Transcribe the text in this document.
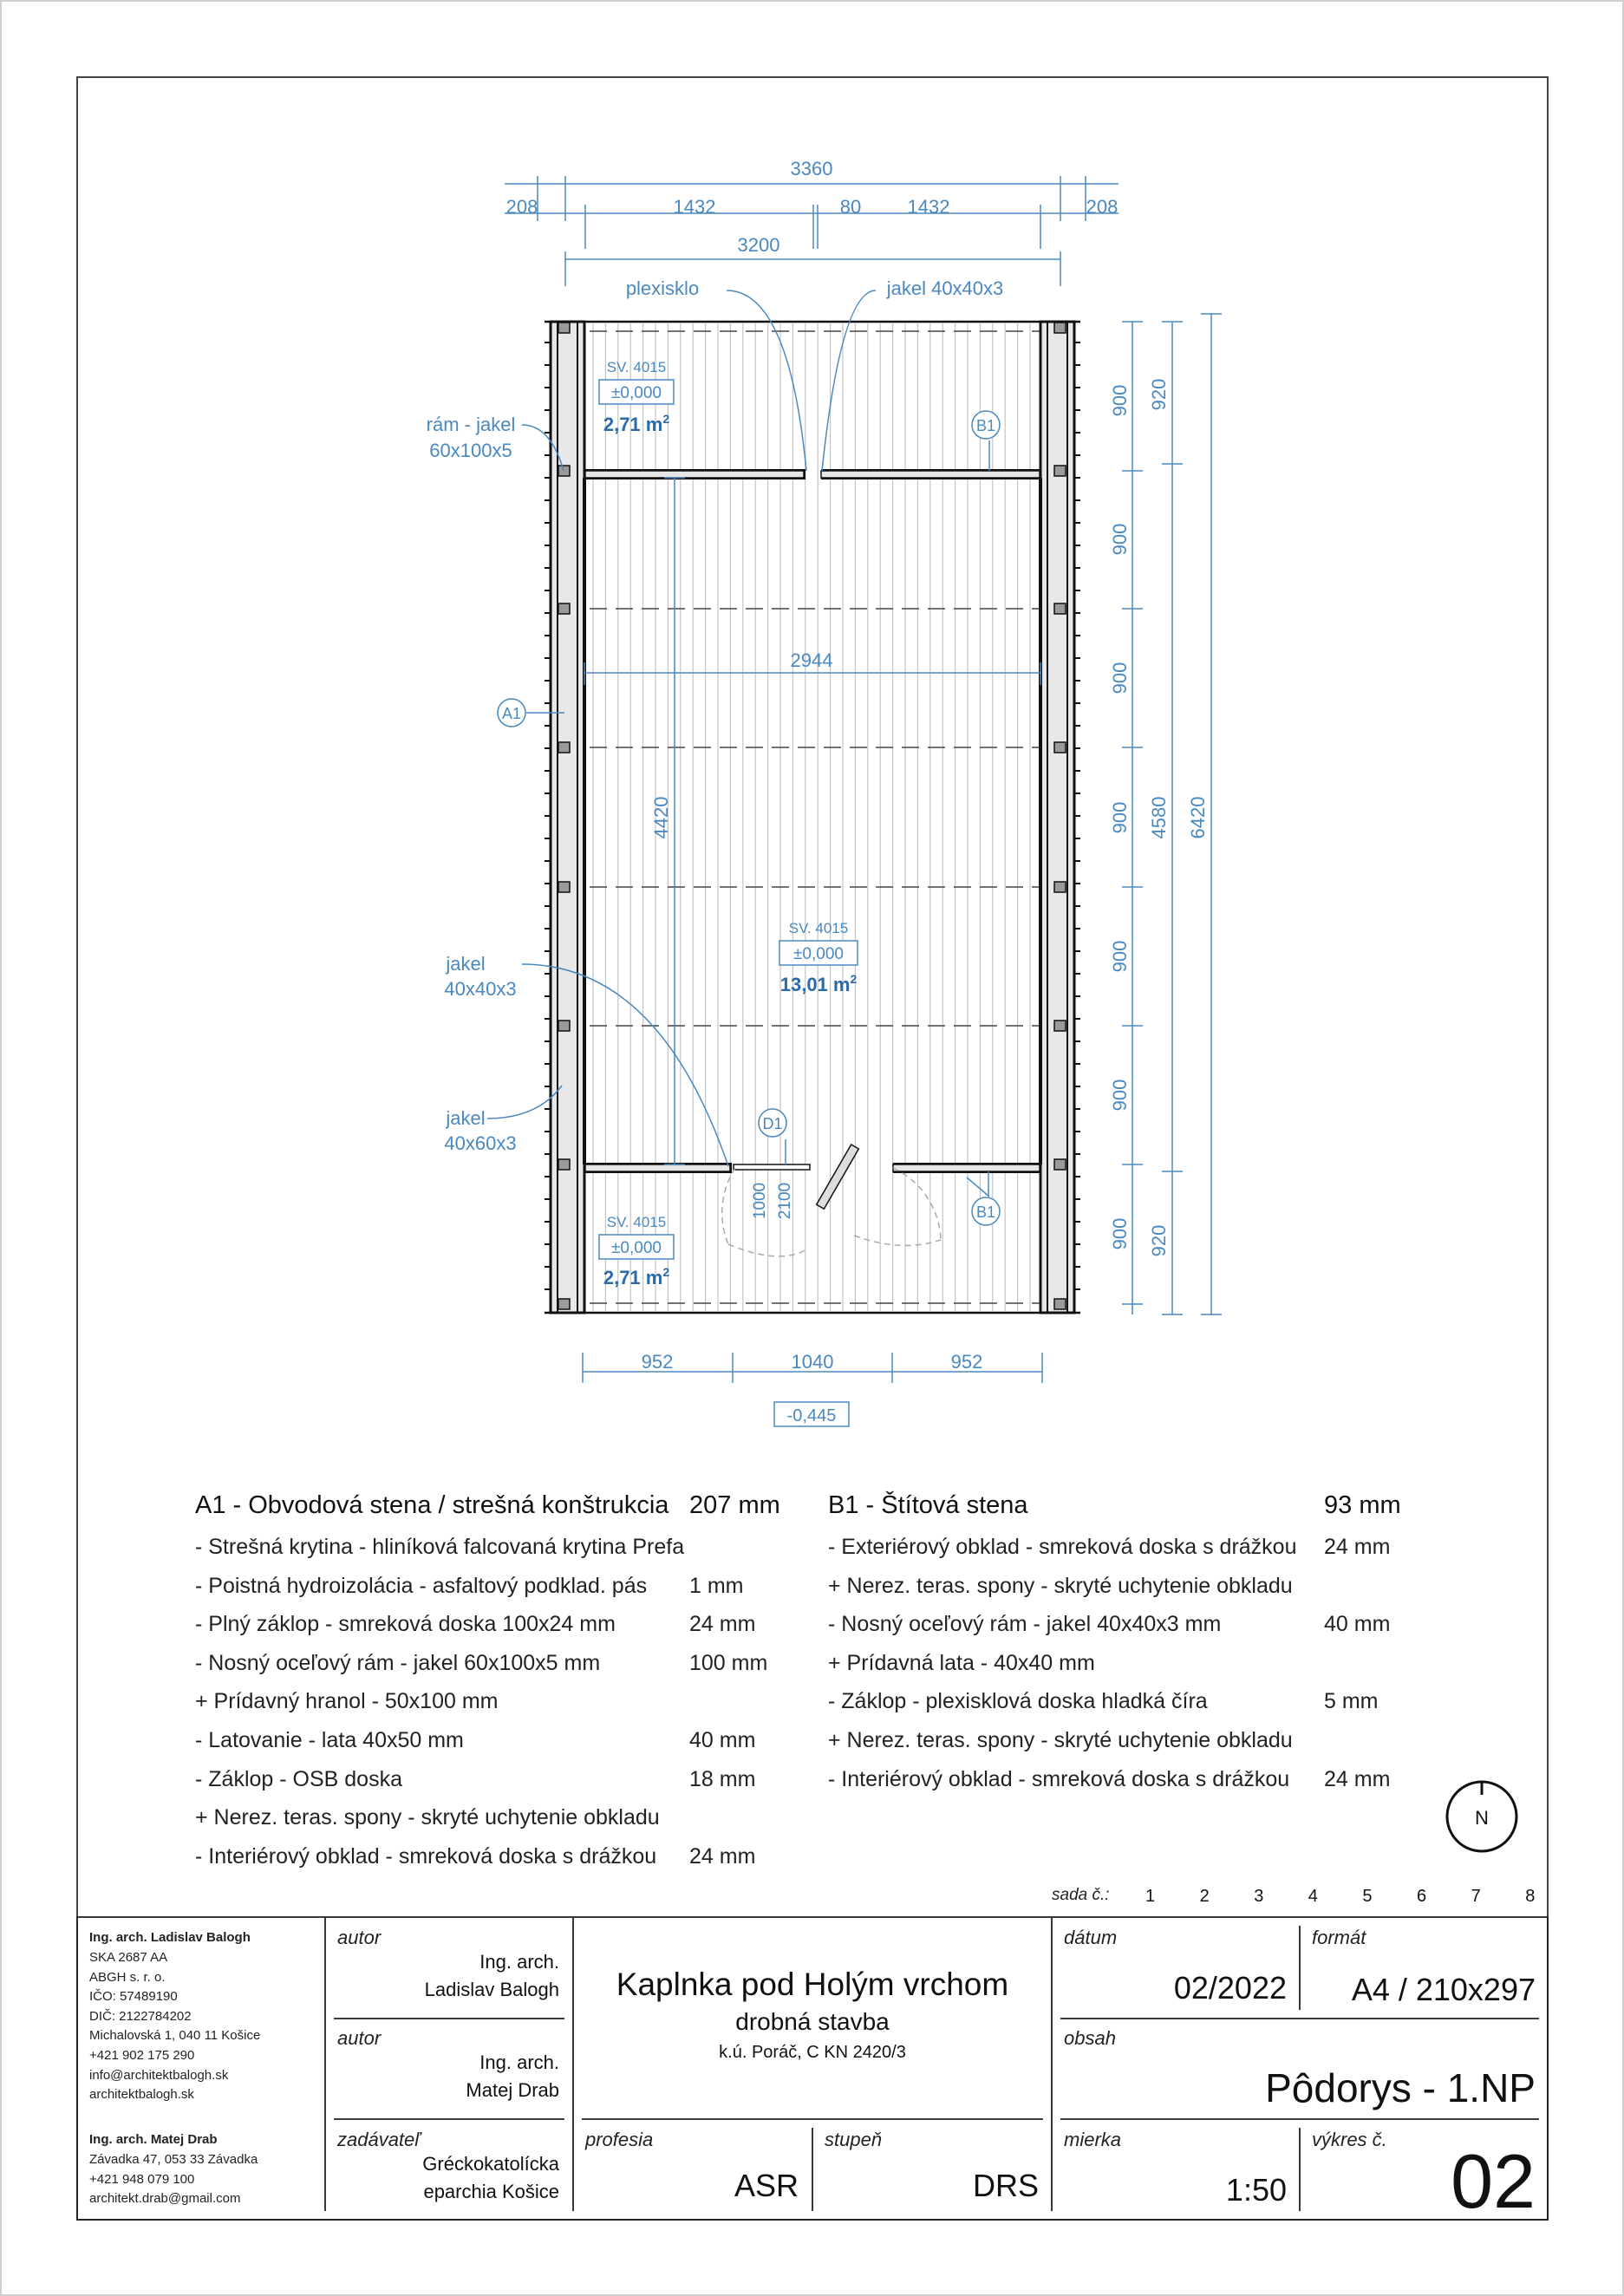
3360
208	1432	80 1432	208
3200
plexisklo	jakel 40x40x3
rám - jakel
60x100x5
jakel
40x40x3
jakel
40x60x3
2944
4420
1000 2100
SV. 4015
±0,000
2,71 $m^2$
SV. 4015
±0,000
13,01 $m^2$
SV. 4015
±0,000
2,71 $m^2$
B1
A1
D1
B1
952	1040	952
-0,445
900
900
900
900
900
900
900
920
4580
920
6420
N
A1 - Obvodová stena / strešná konštrukcia 207 mm
- Strešná krytina - hliníková falcovaná krytina Prefa
- Poistná hydroizolácia - asfaltový podklad. pás 1 mm
- Plný záklop - smreková doska 100x24 mm	24 mm
- Nosný oceľový rám - jakel 60x100x5 mm	100 mm
+ Prídavný hranol - 50x100 mm
- Latovanie - lata 40x50 mm	40 mm
- Záklop - OSB doska	18 mm
+ Nerez. teras. spony - skryté uchytenie obkladu
- Interiérový obklad - smreková doska s drážkou 24 mm
B1 - Štítová stena	93 mm
- Exteriérový obklad - smreková doska s drážkou 24 mm
+ Nerez. teras. spony - skryté uchytenie obkladu
- Nosný oceľový rám - jakel 40x40x3 mm	40 mm
+ Prídavná lata - 40x40 mm
- Záklop - plexisklová doska hladká číra	5 mm
+ Nerez. teras. spony - skryté uchytenie obkladu
- Interiérový obklad - smreková doska s drážkou 24 mm
sada č.: 1	2	3	4	5	6	7	8
Ing. arch. Ladislav Balogh
SKA 2687 AA
ABGH s. r. o.
IČO: 57489190
DIČ: 2122784202
Michalovská 1, 040 11 Košice
+421 902 175 290
info@architektbalogh.sk
architektbalogh.sk
Ing. arch. Matej Drab
Závadka 47, 053 33 Závadka
+421 948 079 100
architekt.drab@gmail.com
autor
Ing. arch.
Ladislav Balogh
autor
Ing. arch.
Matej Drab
zadávateľ
Gréckokatolícka
eparchia Košice
Kaplnka pod Holým vrchom
drobná stavba
k.ú. Poráč, C KN 2420/3
profesia
ASR
stupeň
DRS
dátum
02/2022
formát
A4 / 210x297
obsah
Pôdorys - 1.NP
mierka
1:50
výkres č. 02
